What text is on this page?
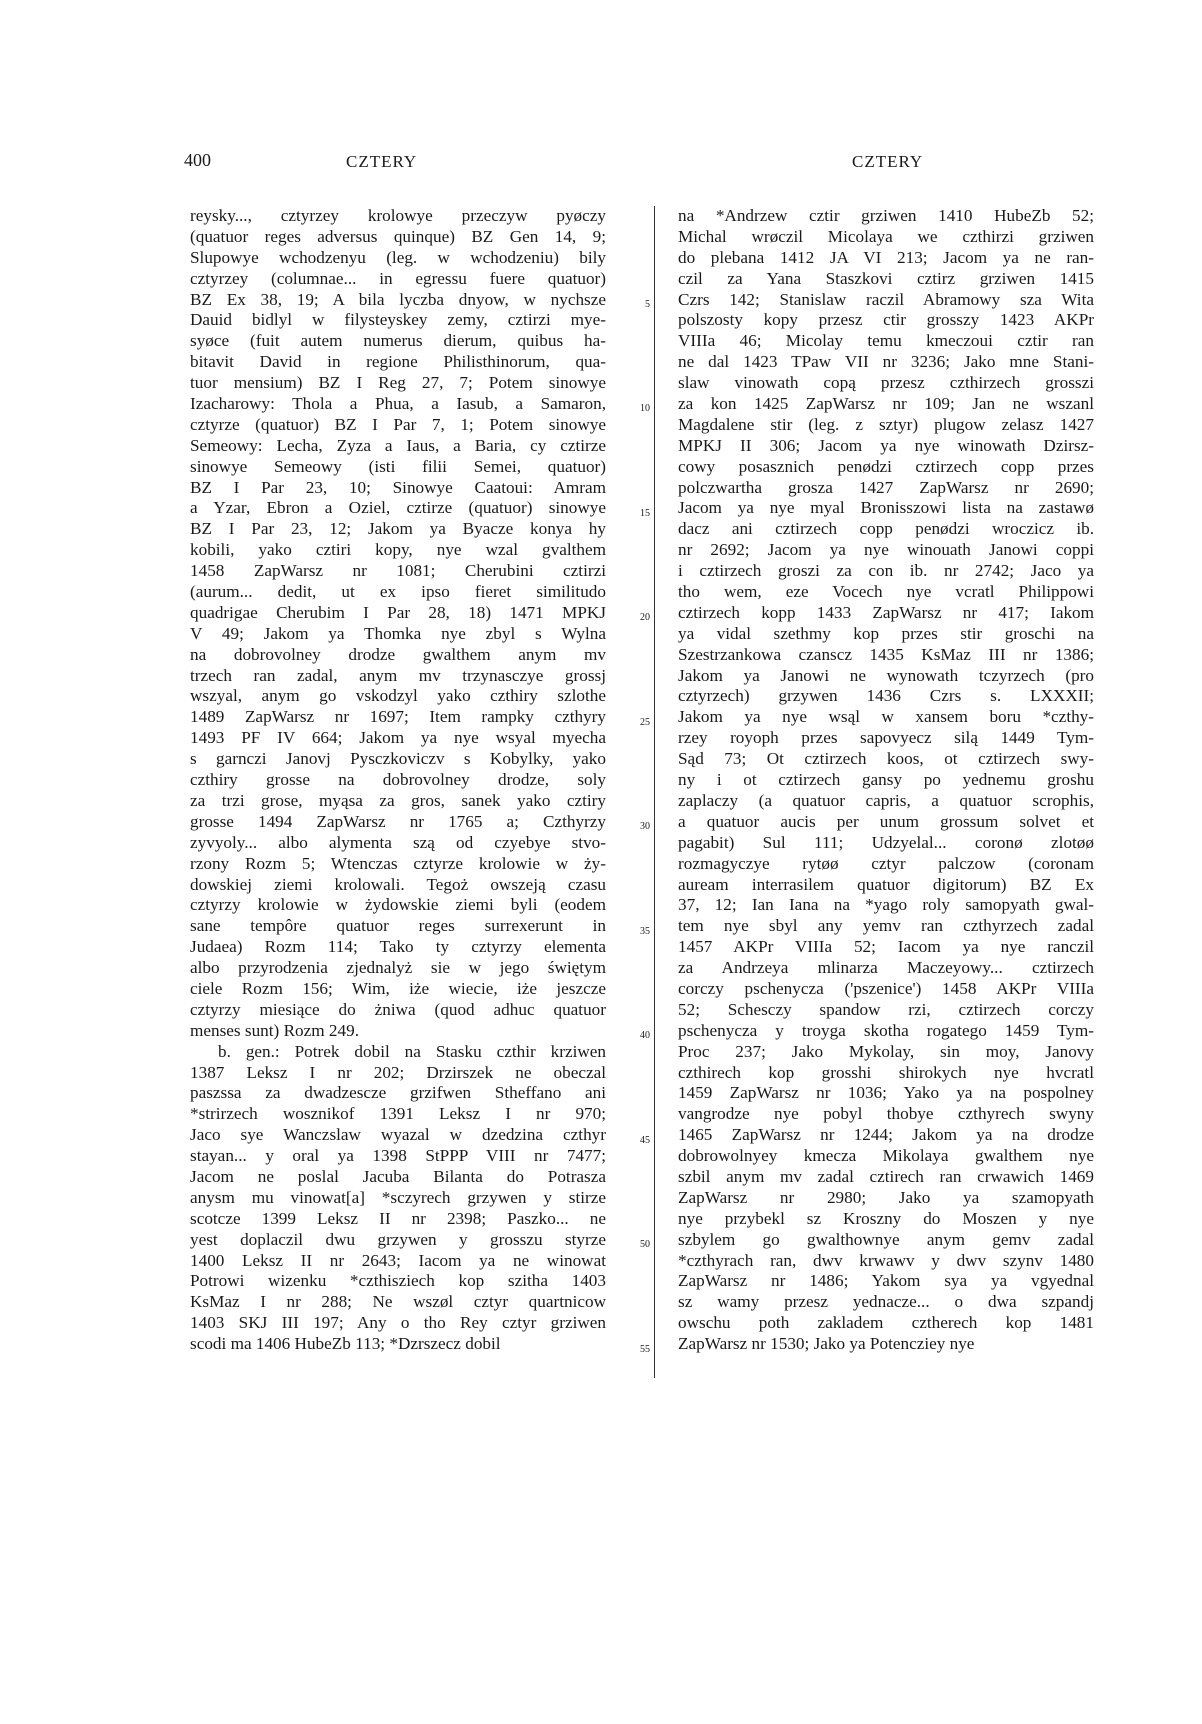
400	CZTERY	CZTERY
reysky..., cztyrzey krolowye przeczyw pyøczy
(quatuor reges adversus quinque) BZ Gen 14, 9;
Slupowye wchodzenyu (leg. w wchodzeniu) bily
cztyrzey (columnae... in egressu fuere quatuor)
BZ Ex 38, 19; A bila lyczba dnyow, w nychsze
Dauid bidlyl w filysteyskey zemy, cztirzi mye-
syøce (fuit autem numerus dierum, quibus ha-
bitavit David in regione Philisthinorum, qua-
tuor mensium) BZ I Reg 27, 7; Potem sinowye
Izacharowy: Thola a Phua, a Iasub, a Samaron,
cztyrze (quatuor) BZ I Par 7, 1; Potem sinowye
Semeowy: Lecha, Zyza a Iaus, a Baria, cy cztirze
sinowye Semeowy (isti filii Semei, quatuor)
BZ I Par 23, 10; Sinowye Caatoui: Amram
a Yzar, Ebron a Oziel, cztirze (quatuor) sinowye
BZ I Par 23, 12; Jakom ya Byacze konya hy
kobili, yako cztiri kopy, nye wzal gvalthem
1458 ZapWarsz nr 1081; Cherubini cztirzi
(aurum... dedit, ut ex ipso fieret similitudo
quadrigae Cherubim I Par 28, 18) 1471 MPKJ
V 49; Jakom ya Thomka nye zbyl s Wylna
na dobrovolney drodze gwalthem anym mv
trzech ran zadal, anym mv trzynasczye grossj
wszyal, anym go vskodzyl yako czthiry szlothe
1489 ZapWarsz nr 1697; Item rampky czthyry
1493 PF IV 664; Jakom ya nye wsyal myecha
s garnczi Janovj Pysczkoviczv s Kobylky, yako
czthiry grosse na dobrovolney drodze, soly
za trzi grose, myąsa za gros, sanek yako cztiry
grosse 1494 ZapWarsz nr 1765 a; Czthyrzy
zyvyoly... albo alymenta szą od czyebye stvo-
rzony Rozm 5; Wtenczas cztyrze krolowie w ży-
dowskiej ziemi krolowali. Tegoż owszeją czasu
cztyrzy krolowie w żydowskie ziemi byli (eodem
sane tempôre quatuor reges surrexerunt in
Judaea) Rozm 114; Tako ty cztyrzy elementa
albo przyrodzenia zjednalyż sie w jego świętym
ciele Rozm 156; Wim, iże wiecie, iże jeszcze
cztyrzy miesiące do żniwa (quod adhuc quatuor
menses sunt) Rozm 249.
b. gen.: Potrek dobil na Stasku czthir krziwen
1387 Leksz I nr 202; Drzirszek ne obeczal
paszssa za dwadzescze grzifwen Stheffano ani
*strirzech wosznikof 1391 Leksz I nr 970;
Jaco sye Wanczslaw wyazal w dzedzina czthyr
stayan... y oral ya 1398 StPPP VIII nr 7477;
Jacom ne poslal Jacuba Bilanta do Potrasza
anysm mu vinowat[a] *sczyrech grzywen y stirze
scotcze 1399 Leksz II nr 2398; Paszko... ne
yest doplaczil dwu grzywen y grosszu styrze
1400 Leksz II nr 2643; Iacom ya ne winowat
Potrowi wizenku *czthisziech kop szitha 1403
KsMaz I nr 288; Ne wszøl cztyr quartnicow
1403 SKJ III 197; Any o tho Rey cztyr grziwen
scodi ma 1406 HubeZb 113; *Dzrszecz dobil
5
10
15
20
25
30
35
40
45
50
55
na *Andrzew cztir grziwen 1410 HubeZb 52;
Michal wrøczil Micolaya we czthirzi grziwen
do plebana 1412 JA VI 213; Jacom ya ne ran-
czil za Yana Staszkovi cztirz grziwen 1415
Czrs 142; Stanislaw raczil Abramowy sza Wita
polszosty kopy przesz ctir grosszy 1423 AKPr
VIIIa 46; Micolay temu kmeczoui cztir ran
ne dal 1423 TPaw VII nr 3236; Jako mne Stani-
slaw vinowath copą przesz czthirzech grosszi
za kon 1425 ZapWarsz nr 109; Jan ne wszanl
Magdalene stir (leg. z sztyr) plugow zelasz 1427
MPKJ II 306; Jacom ya nye winowath Dzirsz-
cowy posasznich penødzi cztirzech copp przes
polczwartha grosza 1427 ZapWarsz nr 2690;
Jacom ya nye myal Bronisszowi lista na zastawø
dacz ani cztirzech copp penødzi wroczicz ib.
nr 2692; Jacom ya nye winouath Janowi coppi
i cztirzech groszi za con ib. nr 2742; Jaco ya
tho wem, eze Vocech nye vcratl Philippowi
cztirzech kopp 1433 ZapWarsz nr 417; Iakom
ya vidal szethmy kop przes stir groschi na
Szestrzankowa czanscz 1435 KsMaz III nr 1386;
Jakom ya Janowi ne wynowath tczyrzech (pro
cztyrzech) grzywen 1436 Czrs s. LXXXII;
Jakom ya nye wsąl w xansem boru *czthy-
rzey royoph przes sapovyecz silą 1449 Tym-
Sąd 73; Ot cztirzech koos, ot cztirzech swy-
ny i ot cztirzech gansy po yednemu groshu
zaplaczy (a quatuor capris, a quatuor scrophis,
a quatuor aucis per unum grossum solvet et
pagabit) Sul 111; Udzyelal... coronø zlotøø
rozmagyczye rytøø cztyr palczow (coronam
auream interrasilem quatuor digitorum) BZ Ex
37, 12; Ian Iana na *yago roly samopyath gwal-
tem nye sbyl any yemv ran czthyrzech zadal
1457 AKPr VIIIa 52; Iacom ya nye ranczil
za Andrzeya mlinarza Maczeyowy... cztirzech
corczy pschenycza ('pszenice') 1458 AKPr VIIIa
52; Schesczy spandow rzi, cztirzech corczy
pschenycza y troyga skotha rogatego 1459 Tym-
Proc 237; Jako Mykolay, sin moy, Janovy
czthirech kop grosshi shirokych nye hvcratl
1459 ZapWarsz nr 1036; Yako ya na pospolney
vangrodze nye pobyl thobye czthyrech swyny
1465 ZapWarsz nr 1244; Jakom ya na drodze
dobrowolnyey kmecza Mikolaya gwalthem nye
szbil anym mv zadal cztirech ran crwawich 1469
ZapWarsz nr 2980; Jako ya szamopyath
nye przybekl sz Kroszny do Moszen y nye
szbylem go gwalthownye anym gemv zadal
*czthyrach ran, dwv krwawv y dwv szynv 1480
ZapWarsz nr 1486; Yakom sya ya vgyednal
sz wamy przesz yednacze... o dwa szpandj
owschu poth zakladem cztherech kop 1481
ZapWarsz nr 1530; Jako ya Potencziey nye
